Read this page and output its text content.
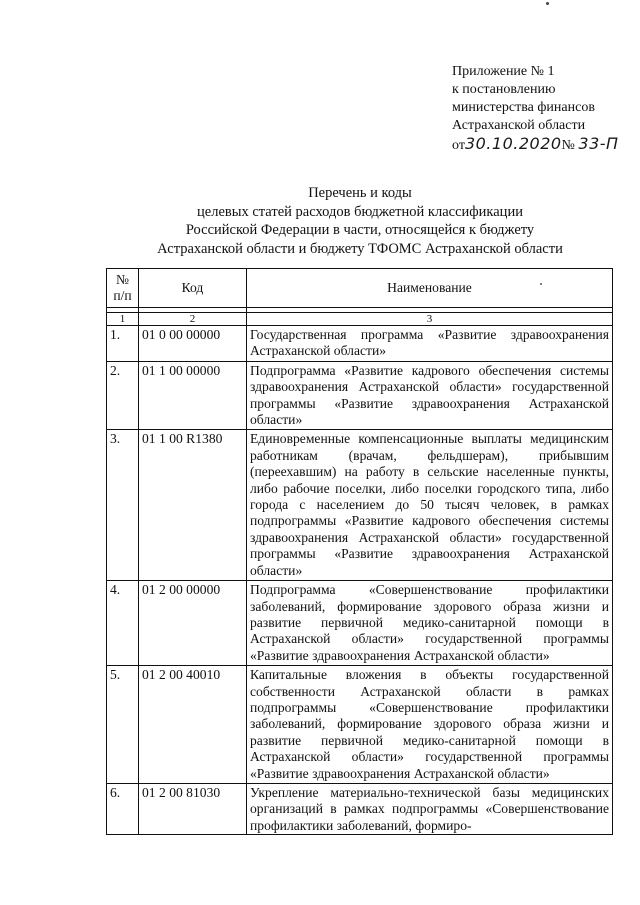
Приложение № 1
к постановлению
министерства финансов
Астраханской области
от30.10.2020№ 33-П
Перечень и коды
целевых статей расходов бюджетной классификации
Российской Федерации в части, относящейся к бюджету
Астраханской области и бюджету ТФОМС Астраханской области
№ п/п	Код	Наименование

1	2	3
1.	01 0 00 00000	Государственная программа «Развитие здравоохранения Астраханской области»
2.	01 1 00 00000	Подпрограмма «Развитие кадрового обеспечения системы здравоохранения Астраханской области» государственной программы «Развитие здравоохранения Астраханской области»
3.	01 1 00 R1380	Единовременные компенсационные выплаты медицинским работникам (врачам, фельдшерам), прибывшим (переехавшим) на работу в сельские населенные пункты, либо рабочие поселки, либо поселки городского типа, либо города с населением до 50 тысяч человек, в рамках подпрограммы «Развитие кадрового обеспечения системы здравоохранения Астраханской области» государственной программы «Развитие здравоохранения Астраханской области»
4.	01 2 00 00000	Подпрограмма «Совершенствование профилактики заболеваний, формирование здорового образа жизни и развитие первичной медико-санитарной помощи в Астраханской области» государственной программы «Развитие здравоохранения Астраханской области»
5.	01 2 00 40010	Капитальные вложения в объекты государственной собственности Астраханской области в рамках подпрограммы «Совершенствование профилактики заболеваний, формирование здорового образа жизни и развитие первичной медико-санитарной помощи в Астраханской области» государственной программы «Развитие здравоохранения Астраханской области»
6.	01 2 00 81030	Укрепление материально-технической базы медицинских организаций в рамках подпрограммы «Совершенствование профилактики заболеваний, формиро-
